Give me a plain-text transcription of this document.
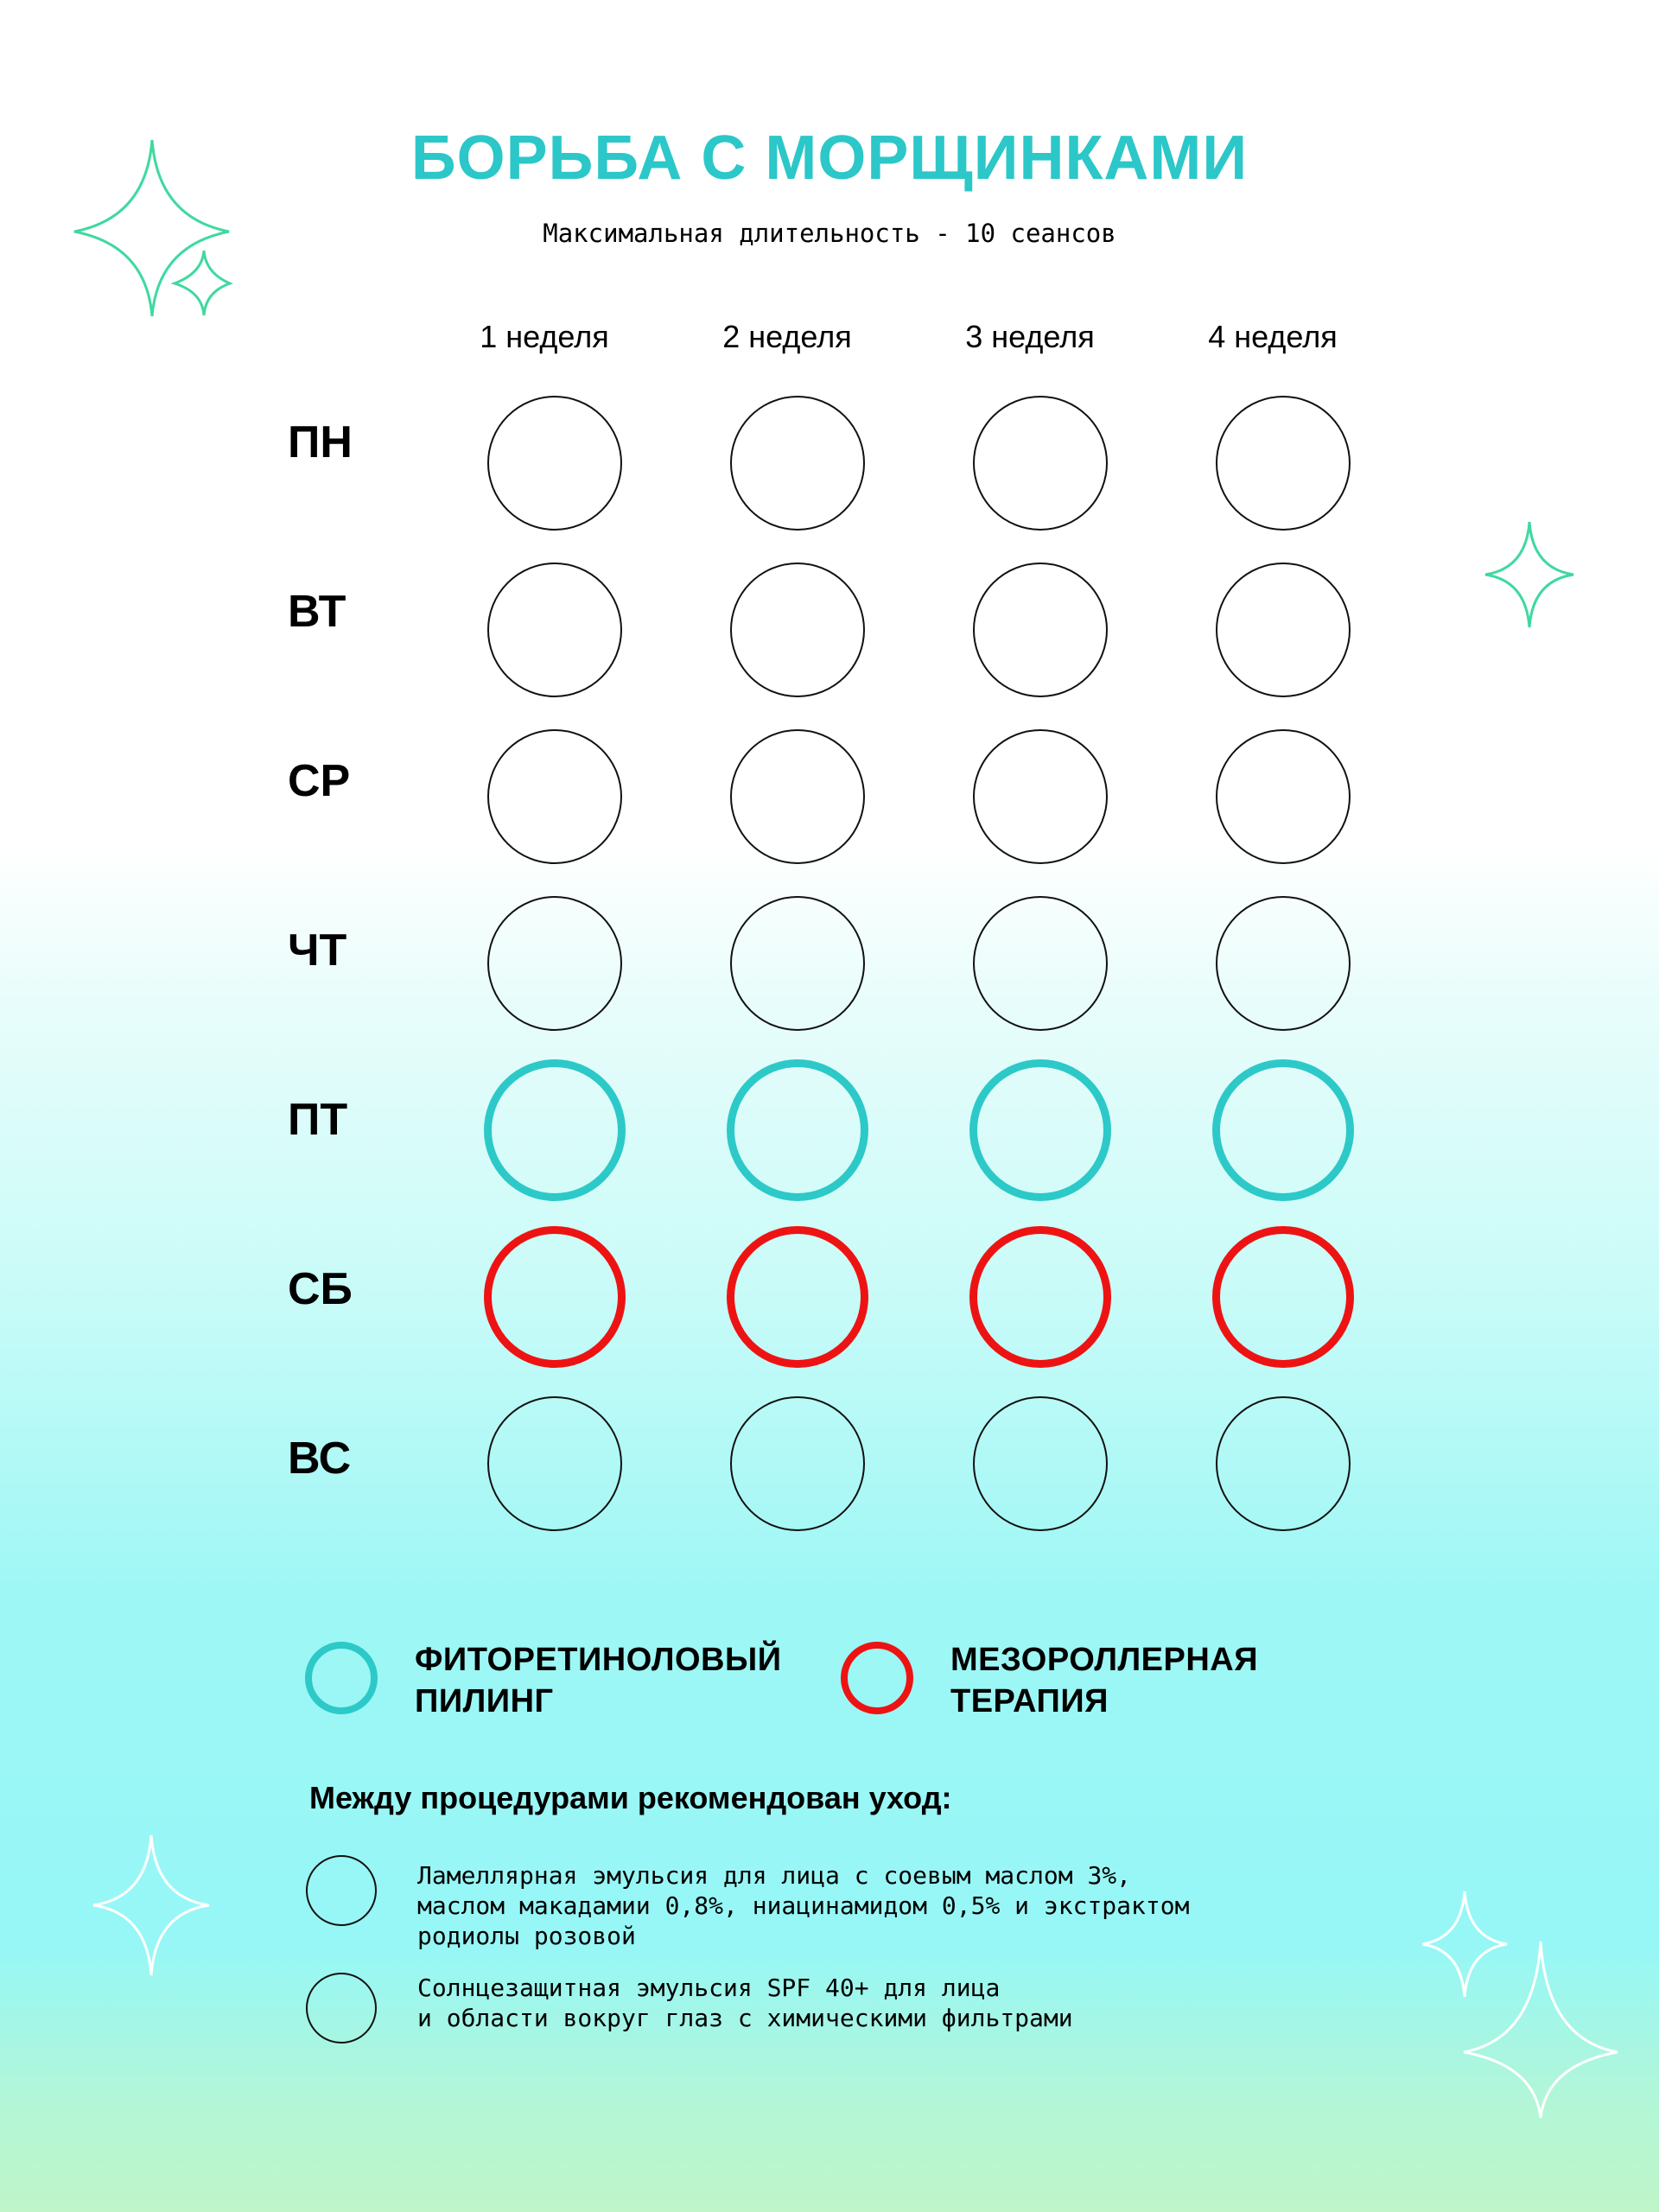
БОРЬБА С МОРЩИНКАМИ
Максимальная длительность - 10 сеансов
1 неделя	2 неделя	3 неделя	4 неделя
ПН
ВТ
СР
ЧТ
ПТ
СБ
ВС
ФИТОРЕТИНОЛОВЫЙ
ПИЛИНГ
МЕЗОРОЛЛЕРНАЯ
ТЕРАПИЯ
Между процедурами рекомендован уход:
Ламеллярная эмульсия для лица с соевым маслом 3%,
маслом макадамии 0,8%, ниацинамидом 0,5% и экстрактом
родиолы розовой
Солнцезащитная эмульсия SPF 40+ для лица
и области вокруг глаз с химическими фильтрами
